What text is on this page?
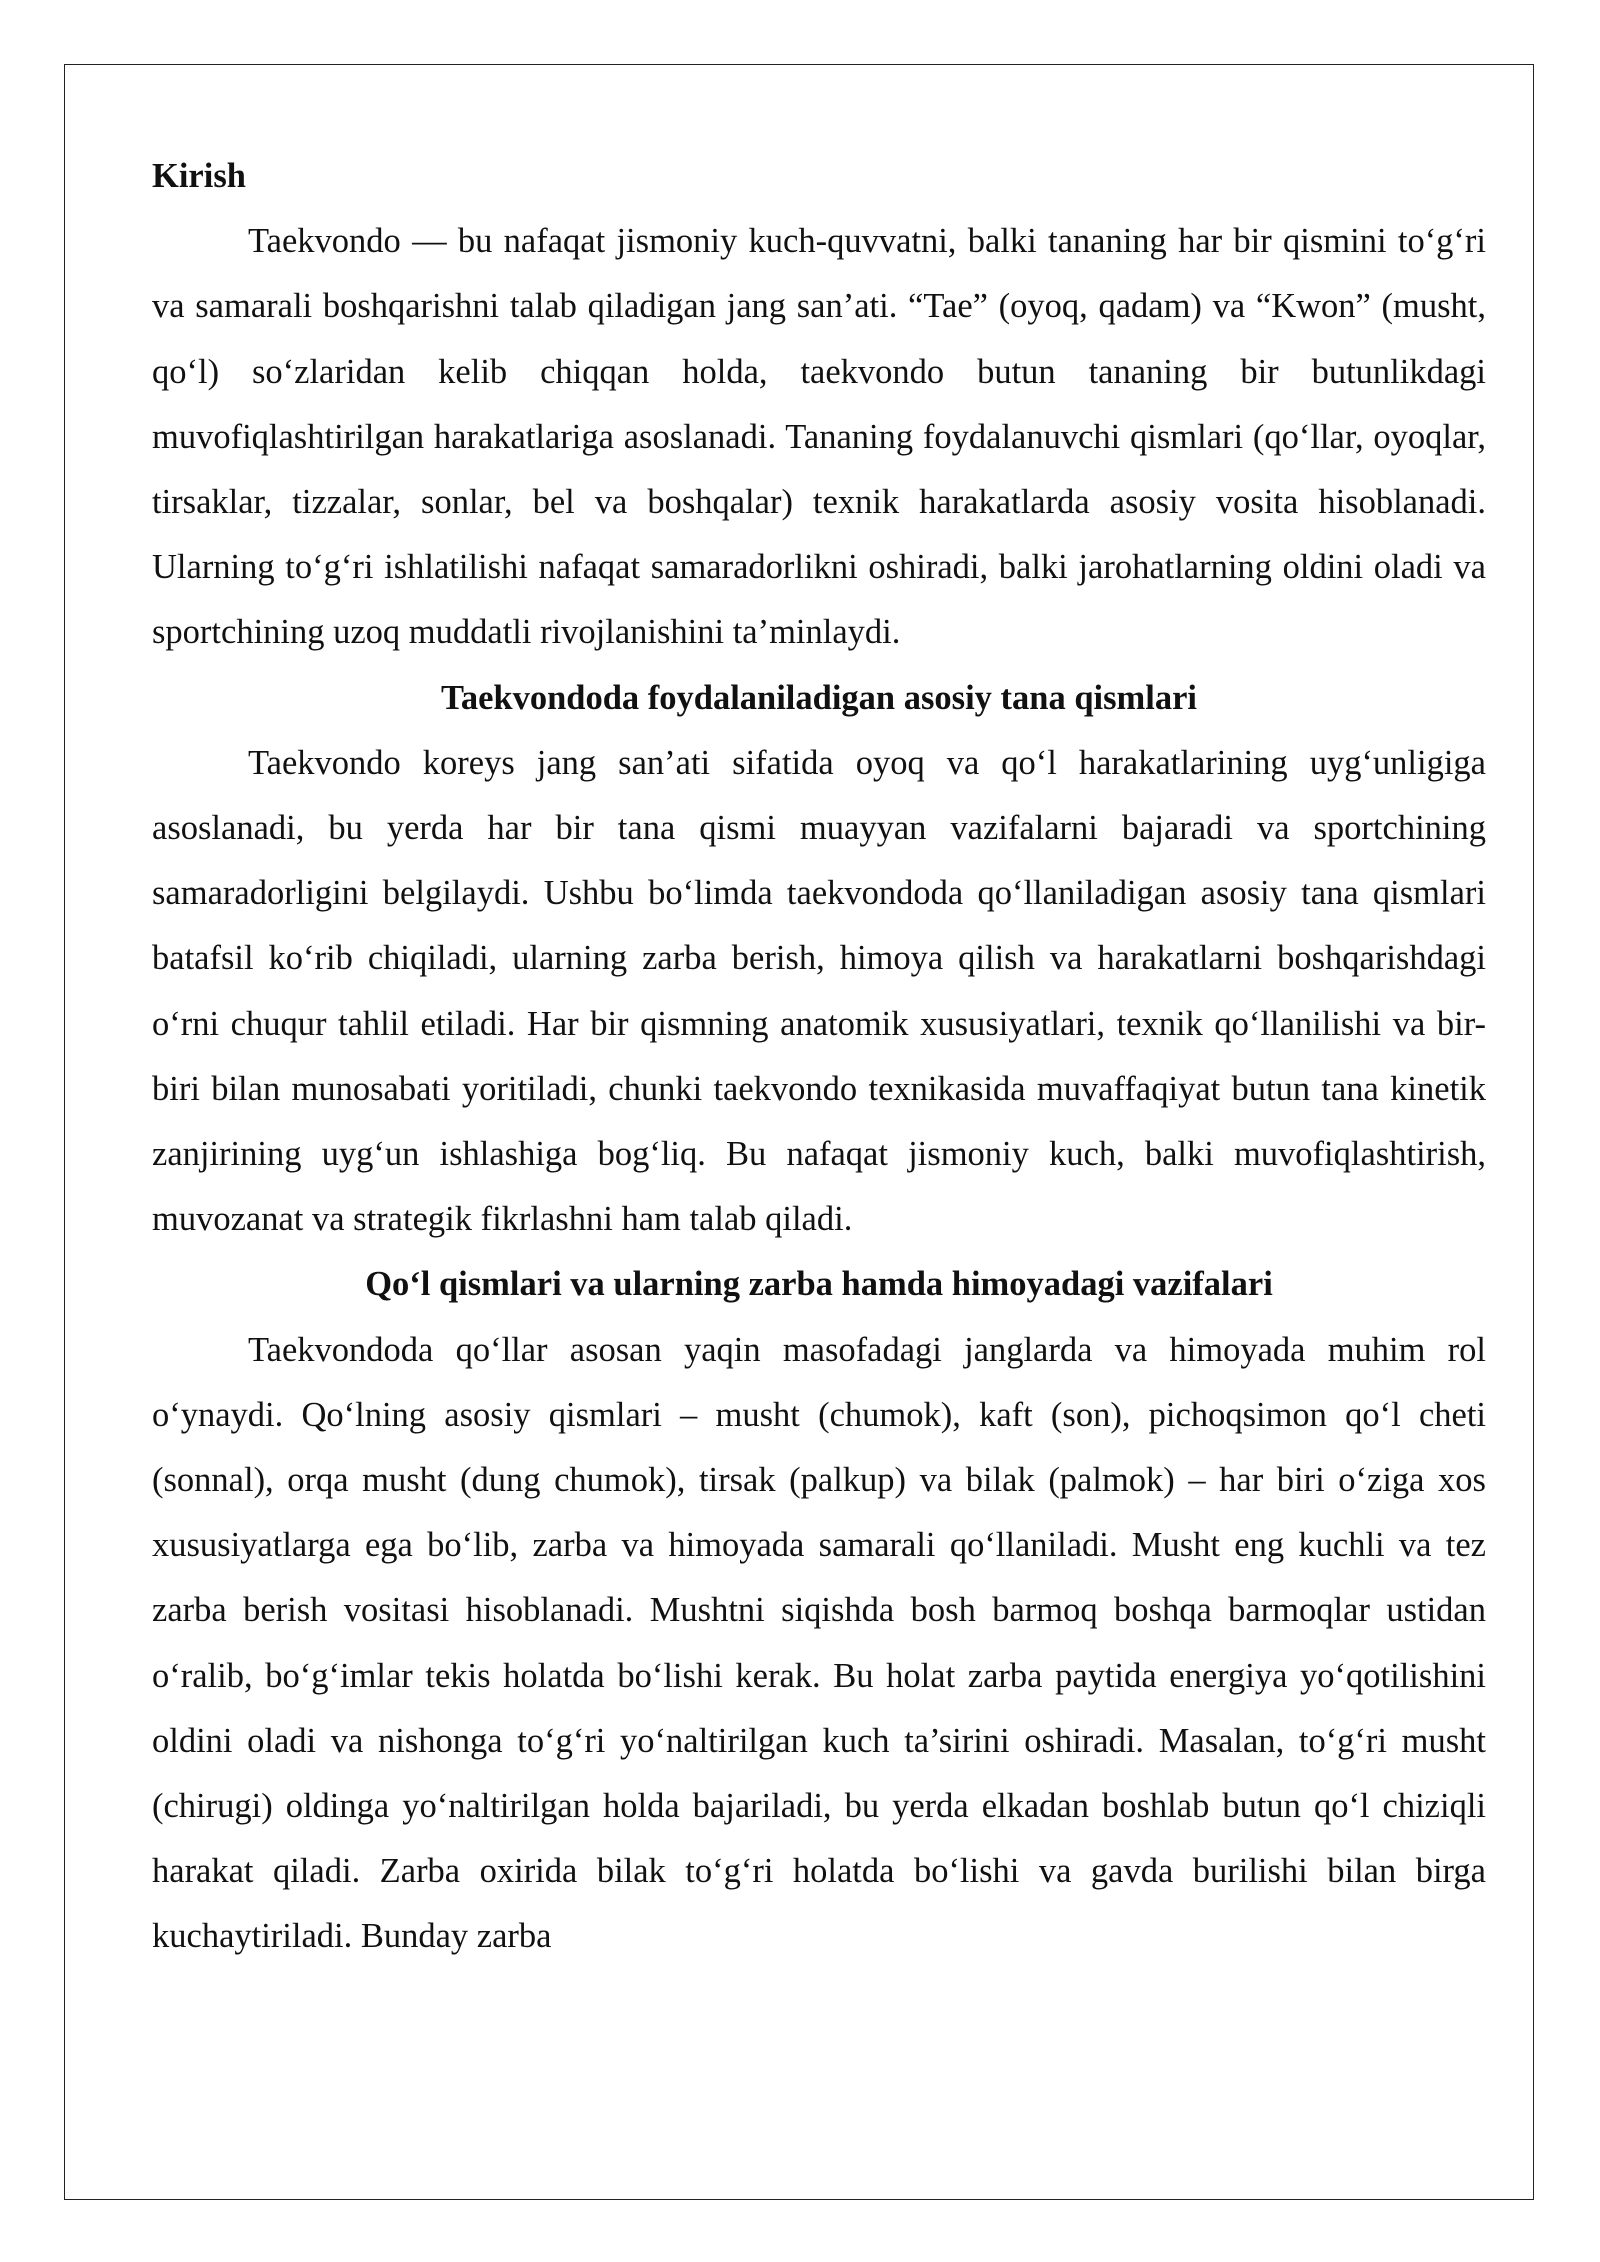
Kirish

Taekvondo — bu nafaqat jismoniy kuch-quvvatni, balki tananing har bir qismini to‘g‘ri va samarali boshqarishni talab qiladigan jang san’ati. “Tae” (oyoq, qadam) va “Kwon” (musht, qo‘l) so‘zlaridan kelib chiqqan holda, taekvondo butun tananing bir butunlikdagi muvofiqlashtirilgan harakatlariga asoslanadi. Tananing foydalanuvchi qismlari (qo‘llar, oyoqlar, tirsaklar, tizzalar, sonlar, bel va boshqalar) texnik harakatlarda asosiy vosita hisoblanadi. Ularning to‘g‘ri ishlatilishi nafaqat samaradorlikni oshiradi, balki jarohatlarning oldini oladi va sportchining uzoq muddatli rivojlanishini ta’minlaydi.

Taekvondoda foydalaniladigan asosiy tana qismlari

Taekvondo koreys jang san’ati sifatida oyoq va qo‘l harakatlarining uyg‘unligiga asoslanadi, bu yerda har bir tana qismi muayyan vazifalarni bajaradi va sportchining samaradorligini belgilaydi. Ushbu bo‘limda taekvondoda qo‘llaniladigan asosiy tana qismlari batafsil ko‘rib chiqiladi, ularning zarba berish, himoya qilish va harakatlarni boshqarishdagi o‘rni chuqur tahlil etiladi. Har bir qismning anatomik xususiyatlari, texnik qo‘llanilishi va bir-biri bilan munosabati yoritiladi, chunki taekvondo texnikasida muvaffaqiyat butun tana kinetik zanjirining uyg‘un ishlashiga bog‘liq. Bu nafaqat jismoniy kuch, balki muvofiqlashtirish, muvozanat va strategik fikrlashni ham talab qiladi.

Qo‘l qismlari va ularning zarba hamda himoyadagi vazifalari

Taekvondoda qo‘llar asosan yaqin masofadagi janglarda va himoyada muhim rol o‘ynaydi. Qo‘lning asosiy qismlari – musht (chumok), kaft (son), pichoqsimon qo‘l cheti (sonnal), orqa musht (dung chumok), tirsak (palkup) va bilak (palmok) – har biri o‘ziga xos xususiyatlarga ega bo‘lib, zarba va himoyada samarali qo‘llaniladi. Musht eng kuchli va tez zarba berish vositasi hisoblanadi. Mushtni siqishda bosh barmoq boshqa barmoqlar ustidan o‘ralib, bo‘g‘imlar tekis holatda bo‘lishi kerak. Bu holat zarba paytida energiya yo‘qotilishini oldini oladi va nishonga to‘g‘ri yo‘naltirilgan kuch ta’sirini oshiradi. Masalan, to‘g‘ri musht (chirugi) oldinga yo‘naltirilgan holda bajariladi, bu yerda elkadan boshlab butun qo‘l chiziqli harakat qiladi. Zarba oxirida bilak to‘g‘ri holatda bo‘lishi va gavda burilishi bilan birga kuchaytiriladi. Bunday zarba
